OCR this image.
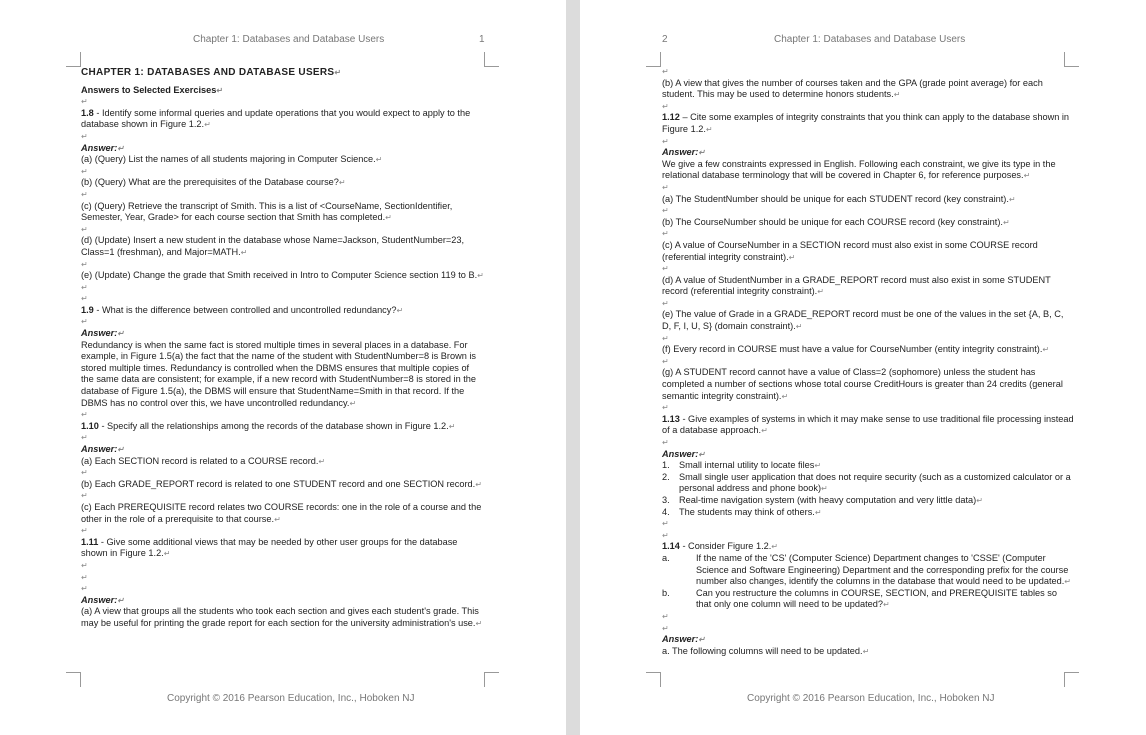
Chapter 1: Databases and Database Users	1

CHAPTER 1: DATABASES AND DATABASE USERS↵

Answers to Selected Exercises↵

↵

1.8 - Identify some informal queries and update operations that you would expect to apply to the database shown in Figure 1.2.↵

↵

Answer:↵

(a) (Query) List the names of all students majoring in Computer Science.↵

↵

(b) (Query) What are the prerequisites of the Database course?↵

↵

(c) (Query) Retrieve the transcript of Smith. This is a list of <CourseName, SectionIdentifier, Semester, Year, Grade> for each course section that Smith has completed.↵

↵

(d) (Update) Insert a new student in the database whose Name=Jackson, StudentNumber=23, Class=1 (freshman), and Major=MATH.↵

↵

(e) (Update) Change the grade that Smith received in Intro to Computer Science section 119 to B.↵

↵

↵

1.9 - What is the difference between controlled and uncontrolled redundancy?↵

↵

Answer:↵

Redundancy is when the same fact is stored multiple times in several places in a database. For example, in Figure 1.5(a) the fact that the name of the student with StudentNumber=8 is Brown is stored multiple times. Redundancy is controlled when the DBMS ensures that multiple copies of the same data are consistent; for example, if a new record with StudentNumber=8 is stored in the database of Figure 1.5(a), the DBMS will ensure that StudentName=Smith in that record. If the DBMS has no control over this, we have uncontrolled redundancy.↵

↵

1.10 - Specify all the relationships among the records of the database shown in Figure 1.2.↵

↵

Answer:↵

(a) Each SECTION record is related to a COURSE record.↵

↵

(b) Each GRADE_REPORT record is related to one STUDENT record and one SECTION record.↵

↵

(c) Each PREREQUISITE record relates two COURSE records: one in the role of a course and the other in the role of a prerequisite to that course.↵

↵

1.11 - Give some additional views that may be needed by other user groups for the database shown in Figure 1.2.↵

↵

↵

↵

Answer:↵

(a) A view that groups all the students who took each section and gives each student's grade. This may be useful for printing the grade report for each section for the university administration's use.↵

Copyright © 2016 Pearson Education, Inc., Hoboken NJ
2	Chapter 1: Databases and Database Users

↵

(b) A view that gives the number of courses taken and the GPA (grade point average) for each student. This may be used to determine honors students.↵

↵

1.12 – Cite some examples of integrity constraints that you think can apply to the database shown in Figure 1.2.↵

↵

Answer:↵

We give a few constraints expressed in English. Following each constraint, we give its type in the relational database terminology that will be covered in Chapter 6, for reference purposes.↵

↵

(a) The StudentNumber should be unique for each STUDENT record (key constraint).↵

↵

(b) The CourseNumber should be unique for each COURSE record (key constraint).↵

↵

(c) A value of CourseNumber in a SECTION record must also exist in some COURSE record (referential integrity constraint).↵

↵

(d) A value of StudentNumber in a GRADE_REPORT record must also exist in some STUDENT record (referential integrity constraint).↵

↵

(e) The value of Grade in a GRADE_REPORT record must be one of the values in the set {A, B, C, D, F, I, U, S} (domain constraint).↵

↵

(f) Every record in COURSE must have a value for CourseNumber (entity integrity constraint).↵

↵

(g) A STUDENT record cannot have a value of Class=2 (sophomore) unless the student has completed a number of sections whose total course CreditHours is greater than 24 credits (general semantic integrity constraint).↵

↵

1.13 - Give examples of systems in which it may make sense to use traditional file processing instead of a database approach.↵

↵

Answer:↵

1. Small internal utility to locate files↵

2. Small single user application that does not require security (such as a customized calculator or a personal address and phone book)↵

3. Real-time navigation system (with heavy computation and very little data)↵

4. The students may think of others.↵

↵

↵

1.14 - Consider Figure 1.2.↵

a.	If the name of the 'CS' (Computer Science) Department changes to 'CSSE' (Computer Science and Software Engineering) Department and the corresponding prefix for the course number also changes, identify the columns in the database that would need to be updated.↵

b.	Can you restructure the columns in COURSE, SECTION, and PREREQUISITE tables so that only one column will need to be updated?↵

↵

↵

Answer:↵

a. The following columns will need to be updated.↵

Copyright © 2016 Pearson Education, Inc., Hoboken NJ
